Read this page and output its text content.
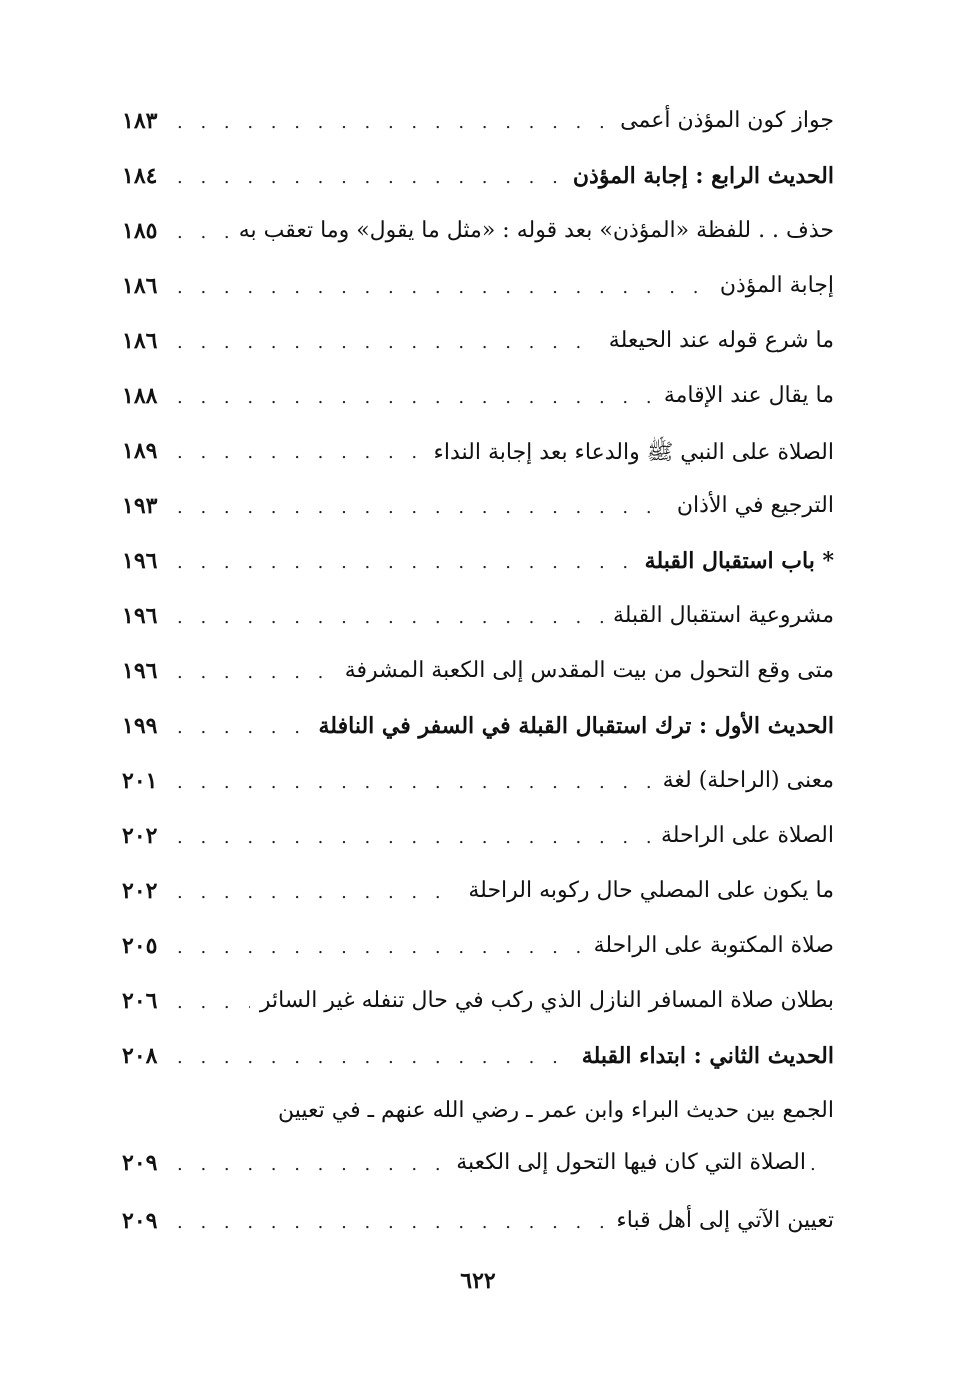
. . .
جواز كون المؤذن أعمى
١٨٣
. . .
الحديث الرابع : إجابة المؤذن
١٨٤
. . .
حذف . . للفظة «المؤذن» بعد قوله : «مثل ما يقول» وما تعقب به
١٨٥
. . .
إجابة المؤذن
١٨٦
. . .
ما شرع قوله عند الحيعلة
١٨٦
. . .
ما يقال عند الإقامة
١٨٨
. . .
الصلاة على النبي ﷺ والدعاء بعد إجابة النداء
١٨٩
. . .
الترجيع في الأذان
١٩٣
. . .
* باب استقبال القبلة
١٩٦
. . .
مشروعية استقبال القبلة
١٩٦
. . .
متى وقع التحول من بيت المقدس إلى الكعبة المشرفة
١٩٦
. . .
الحديث الأول : ترك استقبال القبلة في السفر في النافلة
١٩٩
. . .
معنى (الراحلة) لغة
٢٠١
. . .
الصلاة على الراحلة
٢٠٢
. . .
ما يكون على المصلي حال ركوبه الراحلة
٢٠٢
. . .
صلاة المكتوبة على الراحلة
٢٠٥
. . .
بطلان صلاة المسافر النازل الذي ركب في حال تنفله غير السائر
٢٠٦
. . .
الحديث الثاني : ابتداء القبلة
٢٠٨
الجمع بين حديث البراء وابن عمر ـ رضي الله عنهم ـ في تعيين
. . .
الصلاة التي كان فيها التحول إلى الكعبة
٢٠٩
. . .
تعيين الآتي إلى أهل قباء
٢٠٩
٦٢٢
